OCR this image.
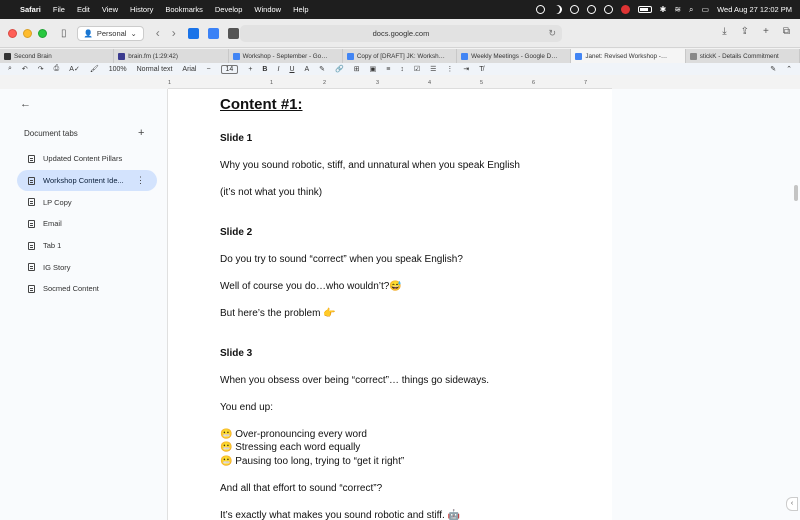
Safari File Edit View History Bookmarks Develop Window Help	✱ ≋ ⌕ ▭ Wed Aug 27 12:02 PM
▯ 👤 Personal ⌄ ‹ ›	docs.google.com	↻	⤓ ⇪ + ⧉
Second Brain	brain.fm (1:29:42)	Workshop - September - Go…	Copy of [DRAFT] JK: Worksh…	Weekly Meetings - Google D…	Janet: Revised Workshop -…	stickK - Details Commitment
⌕ ↶ ↷ ⎙ A✓ 🖌 100% Normal text Arial −	14	+ B I U A ✎ 🔗 ⊞ ▣ ≡ ↕ ☑ ☰ ⋮ ⇥ T̸	✎ ⌃
1	1	2	3	4	5	6	7
←
Document tabs	+
Updated Content Pillars
Workshop Content Ide... ⋮
LP Copy
Email
Tab 1
IG Story
Socmed Content
Content #1:
Slide 1
Why you sound robotic, stiff, and unnatural when you speak English
(it’s not what you think)
Slide 2
Do you try to sound “correct” when you speak English?
Well of course you do…who wouldn’t?😅
But here’s the problem 👉
Slide 3
When you obsess over being “correct”… things go sideways.
You end up:
😬 Over-pronouncing every word
😬 Stressing each word equally
😬 Pausing too long, trying to “get it right”
And all that effort to sound “correct”?
It’s exactly what makes you sound robotic and stiff. 🤖
‹
